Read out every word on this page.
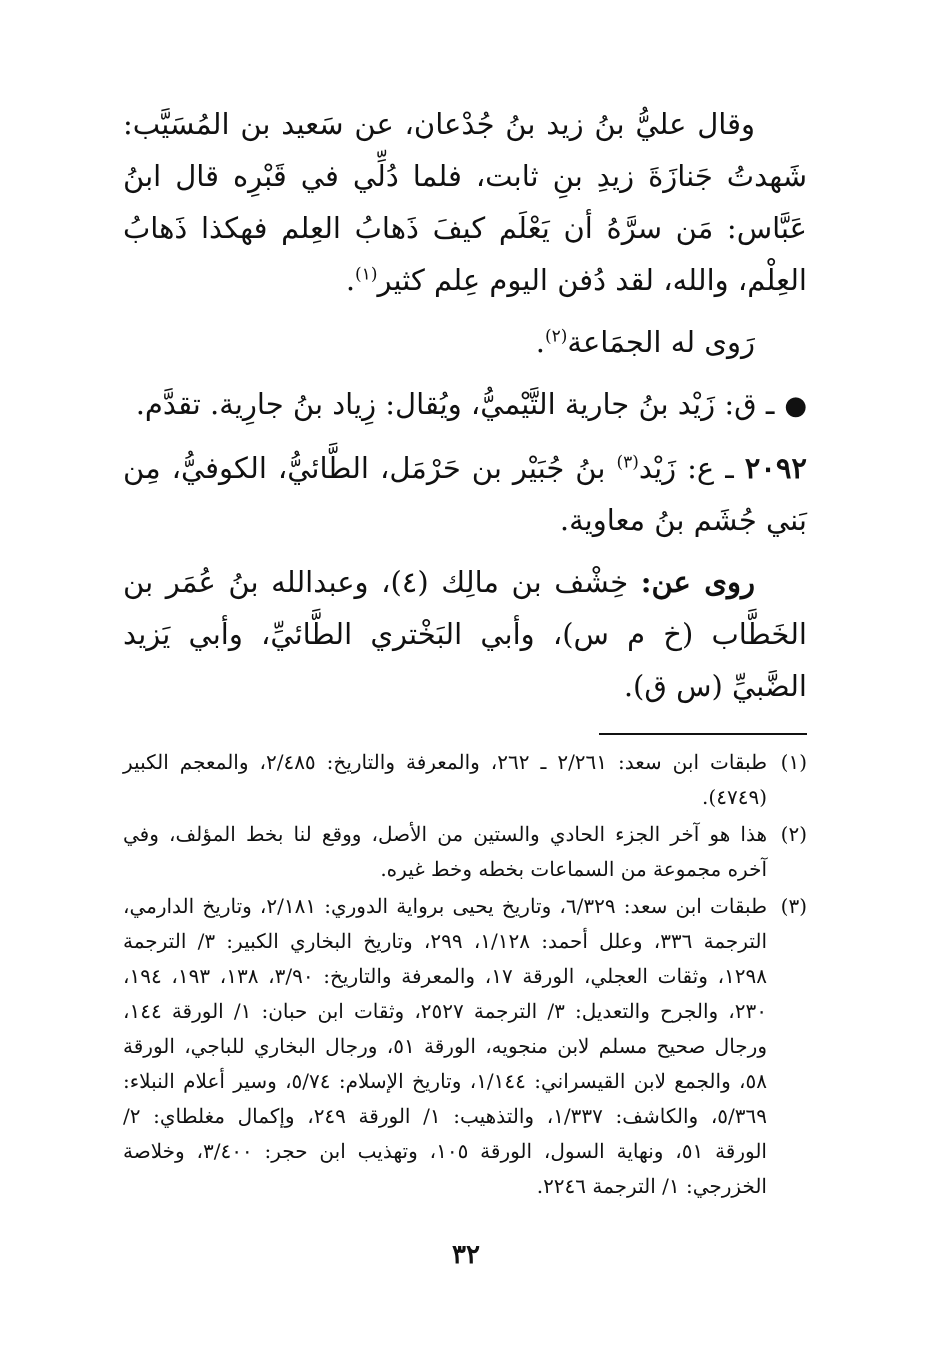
وقال عليُّ بنُ زيد بنُ جُدْعان، عن سَعيد بن المُسَيَّب: شَهدتُ جَنازَةَ زيدِ بنِ ثابت، فلما دُلِّي في قَبْرِه قال ابنُ عَبَّاس: مَن سرَّهُ أن يَعْلَم كيفَ ذَهابُ العِلم فهكذا ذَهابُ العِلْم، والله، لقد دُفن اليوم عِلم كثير$^{(١)}$.

رَوى له الجمَاعة$^{(٢)}$.

●ـ ق: زَيْد بنُ جارية التَّيْميُّ، ويُقال: زِياد بنُ جارِية. تقدَّم.

٢٠٩٢ ـ ع: زَيْد$^{(٣)}$ بنُ جُبَيْر بن حَرْمَل، الطَّائيُّ، الكوفيُّ، مِن بَني جُشَم بنُ معاوية.

روى عن: خِشْف بن مالِك (٤)، وعبدالله بنُ عُمَر بن الخَطَّاب (خ م س)، وأبي البَخْتري الطَّائيِّ، وأبي يَزيد الضَّبيِّ (س ق).

(١)
طبقات ابن سعد: ٢/٢٦١ ـ ٢٦٢، والمعرفة والتاريخ: ٢/٤٨٥، والمعجم الكبير (٤٧٤٩).
(٢)
هذا هو آخر الجزء الحادي والستين من الأصل، ووقع لنا بخط المؤلف، وفي آخره مجموعة من السماعات بخطه وخط غيره.
(٣)
طبقات ابن سعد: ٦/٣٢٩، وتاريخ يحيى برواية الدوري: ٢/١٨١، وتاريخ الدارمي، الترجمة ٣٣٦، وعلل أحمد: ١/١٢٨، ٢٩٩، وتاريخ البخاري الكبير: ٣/ الترجمة ١٢٩٨، وثقات العجلي، الورقة ١٧، والمعرفة والتاريخ: ٣/٩٠، ١٣٨، ١٩٣، ١٩٤، ٢٣٠، والجرح والتعديل: ٣/ الترجمة ٢٥٢٧، وثقات ابن حبان: ١/ الورقة ١٤٤، ورجال صحيح مسلم لابن منجويه، الورقة ٥١، ورجال البخاري للباجي، الورقة ٥٨، والجمع لابن القيسراني: ١/١٤٤، وتاريخ الإسلام: ٥/٧٤، وسير أعلام النبلاء: ٥/٣٦٩، والكاشف: ١/٣٣٧، والتذهيب: ١/ الورقة ٢٤٩، وإكمال مغلطاي: ٢/ الورقة ٥١، ونهاية السول، الورقة ١٠٥، وتهذيب ابن حجر: ٣/٤٠٠، وخلاصة الخزرجي: ١/ الترجمة ٢٢٤٦.
٣٢
